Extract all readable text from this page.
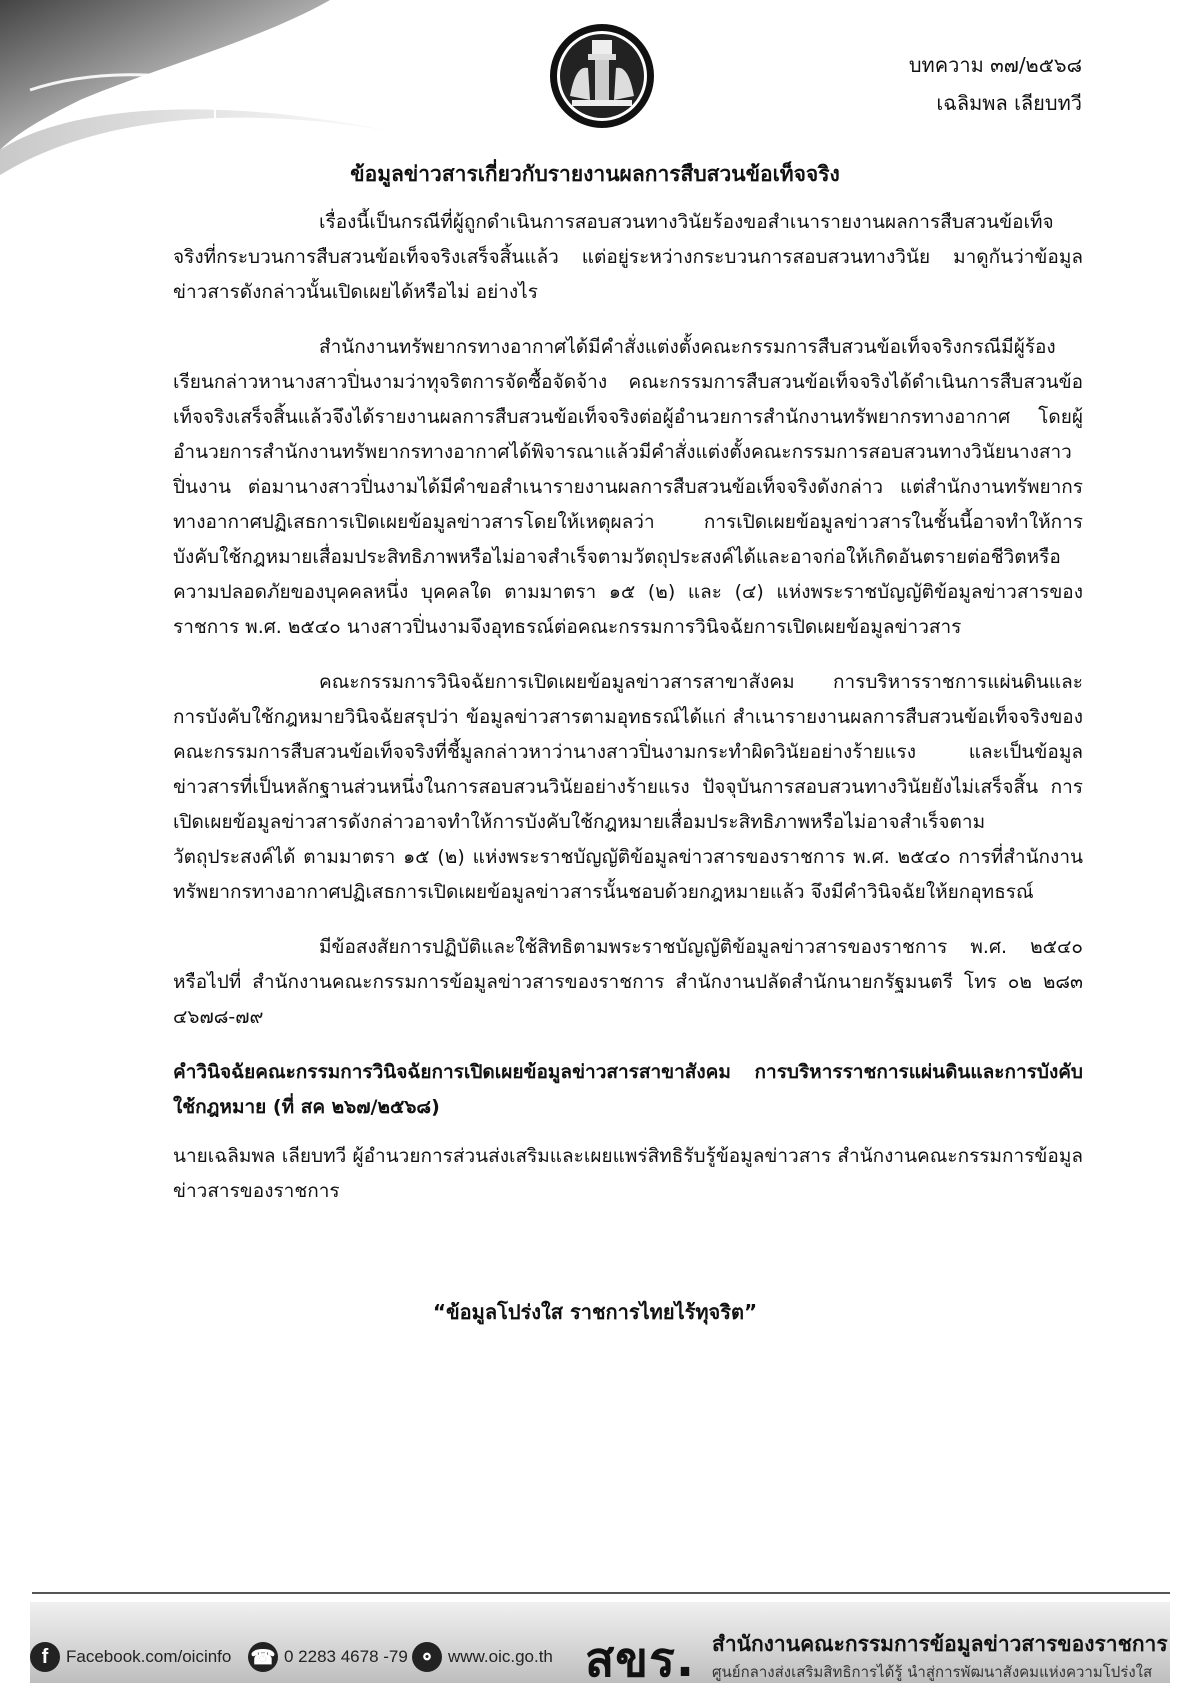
บทความ ๓๗/๒๕๖๘
เฉลิมพล เลียบทวี
ข้อมูลข่าวสารเกี่ยวกับรายงานผลการสืบสวนข้อเท็จจริง

เรื่องนี้เป็นกรณีที่ผู้ถูกดำเนินการสอบสวนทางวินัยร้องขอสำเนารายงานผลการสืบสวนข้อเท็จจริงที่กระบวนการสืบสวนข้อเท็จจริงเสร็จสิ้นแล้ว แต่อยู่ระหว่างกระบวนการสอบสวนทางวินัย มาดูกันว่าข้อมูลข่าวสารดังกล่าวนั้นเปิดเผยได้หรือไม่ อย่างไร

สำนักงานทรัพยากรทางอากาศได้มีคำสั่งแต่งตั้งคณะกรรมการสืบสวนข้อเท็จจริงกรณีมีผู้ร้องเรียนกล่าวหานางสาวปิ่นงามว่าทุจริตการจัดซื้อจัดจ้าง คณะกรรมการสืบสวนข้อเท็จจริงได้ดำเนินการสืบสวนข้อเท็จจริงเสร็จสิ้นแล้วจึงได้รายงานผลการสืบสวนข้อเท็จจริงต่อผู้อำนวยการสำนักงานทรัพยากรทางอากาศ โดยผู้อำนวยการสำนักงานทรัพยากรทางอากาศได้พิจารณาแล้วมีคำสั่งแต่งตั้งคณะกรรมการสอบสวนทางวินัยนางสาวปิ่นงาน ต่อมานางสาวปิ่นงามได้มีคำขอสำเนารายงานผลการสืบสวนข้อเท็จจริงดังกล่าว แต่สำนักงานทรัพยากรทางอากาศปฏิเสธการเปิดเผยข้อมูลข่าวสารโดยให้เหตุผลว่า การเปิดเผยข้อมูลข่าวสารในชั้นนี้อาจทำให้การบังคับใช้กฎหมายเสื่อมประสิทธิภาพหรือไม่อาจสำเร็จตามวัตถุประสงค์ได้และอาจก่อให้เกิดอันตรายต่อชีวิตหรือความปลอดภัยของบุคคลหนึ่ง บุคคลใด ตามมาตรา ๑๕ (๒) และ (๔) แห่งพระราชบัญญัติข้อมูลข่าวสารของราชการ พ.ศ. ๒๕๔๐ นางสาวปิ่นงามจึงอุทธรณ์ต่อคณะกรรมการวินิจฉัยการเปิดเผยข้อมูลข่าวสาร

คณะกรรมการวินิจฉัยการเปิดเผยข้อมูลข่าวสารสาขาสังคม การบริหารราชการแผ่นดินและการบังคับใช้กฎหมายวินิจฉัยสรุปว่า ข้อมูลข่าวสารตามอุทธรณ์ได้แก่ สำเนารายงานผลการสืบสวนข้อเท็จจริงของคณะกรรมการสืบสวนข้อเท็จจริงที่ชี้มูลกล่าวหาว่านางสาวปิ่นงามกระทำผิดวินัยอย่างร้ายแรง และเป็นข้อมูลข่าวสารที่เป็นหลักฐานส่วนหนึ่งในการสอบสวนวินัยอย่างร้ายแรง ปัจจุบันการสอบสวนทางวินัยยังไม่เสร็จสิ้น การเปิดเผยข้อมูลข่าวสารดังกล่าวอาจทำให้การบังคับใช้กฎหมายเสื่อมประสิทธิภาพหรือไม่อาจสำเร็จตามวัตถุประสงค์ได้ ตามมาตรา ๑๕ (๒) แห่งพระราชบัญญัติข้อมูลข่าวสารของราชการ พ.ศ. ๒๕๔๐ การที่สำนักงานทรัพยากรทางอากาศปฏิเสธการเปิดเผยข้อมูลข่าวสารนั้นชอบด้วยกฎหมายแล้ว จึงมีคำวินิจฉัยให้ยกอุทธรณ์

มีข้อสงสัยการปฏิบัติและใช้สิทธิตามพระราชบัญญัติข้อมูลข่าวสารของราชการ พ.ศ. ๒๕๔๐ หรือไปที่ สำนักงานคณะกรรมการข้อมูลข่าวสารของราชการ สำนักงานปลัดสำนักนายกรัฐมนตรี โทร ๐๒ ๒๘๓ ๔๖๗๘-๗๙

คำวินิจฉัยคณะกรรมการวินิจฉัยการเปิดเผยข้อมูลข่าวสารสาขาสังคม การบริหารราชการแผ่นดินและการบังคับใช้กฎหมาย (ที่ สค ๒๖๗/๒๕๖๘)

นายเฉลิมพล เลียบทวี ผู้อำนวยการส่วนส่งเสริมและเผยแพร่สิทธิรับรู้ข้อมูลข่าวสาร สำนักงานคณะกรรมการข้อมูลข่าวสารของราชการ

“ข้อมูลโปร่งใส ราชการไทยไร้ทุจริต”
f	Facebook.com/oicinfo ☎ 0 2283 4678 -79 ⚬ www.oic.go.th สขร. สำนักงานคณะกรรมการข้อมูลข่าวสารของราชการ
ศูนย์กลางส่งเสริมสิทธิการได้รู้ นำสู่การพัฒนาสังคมแห่งความโปร่งใส
